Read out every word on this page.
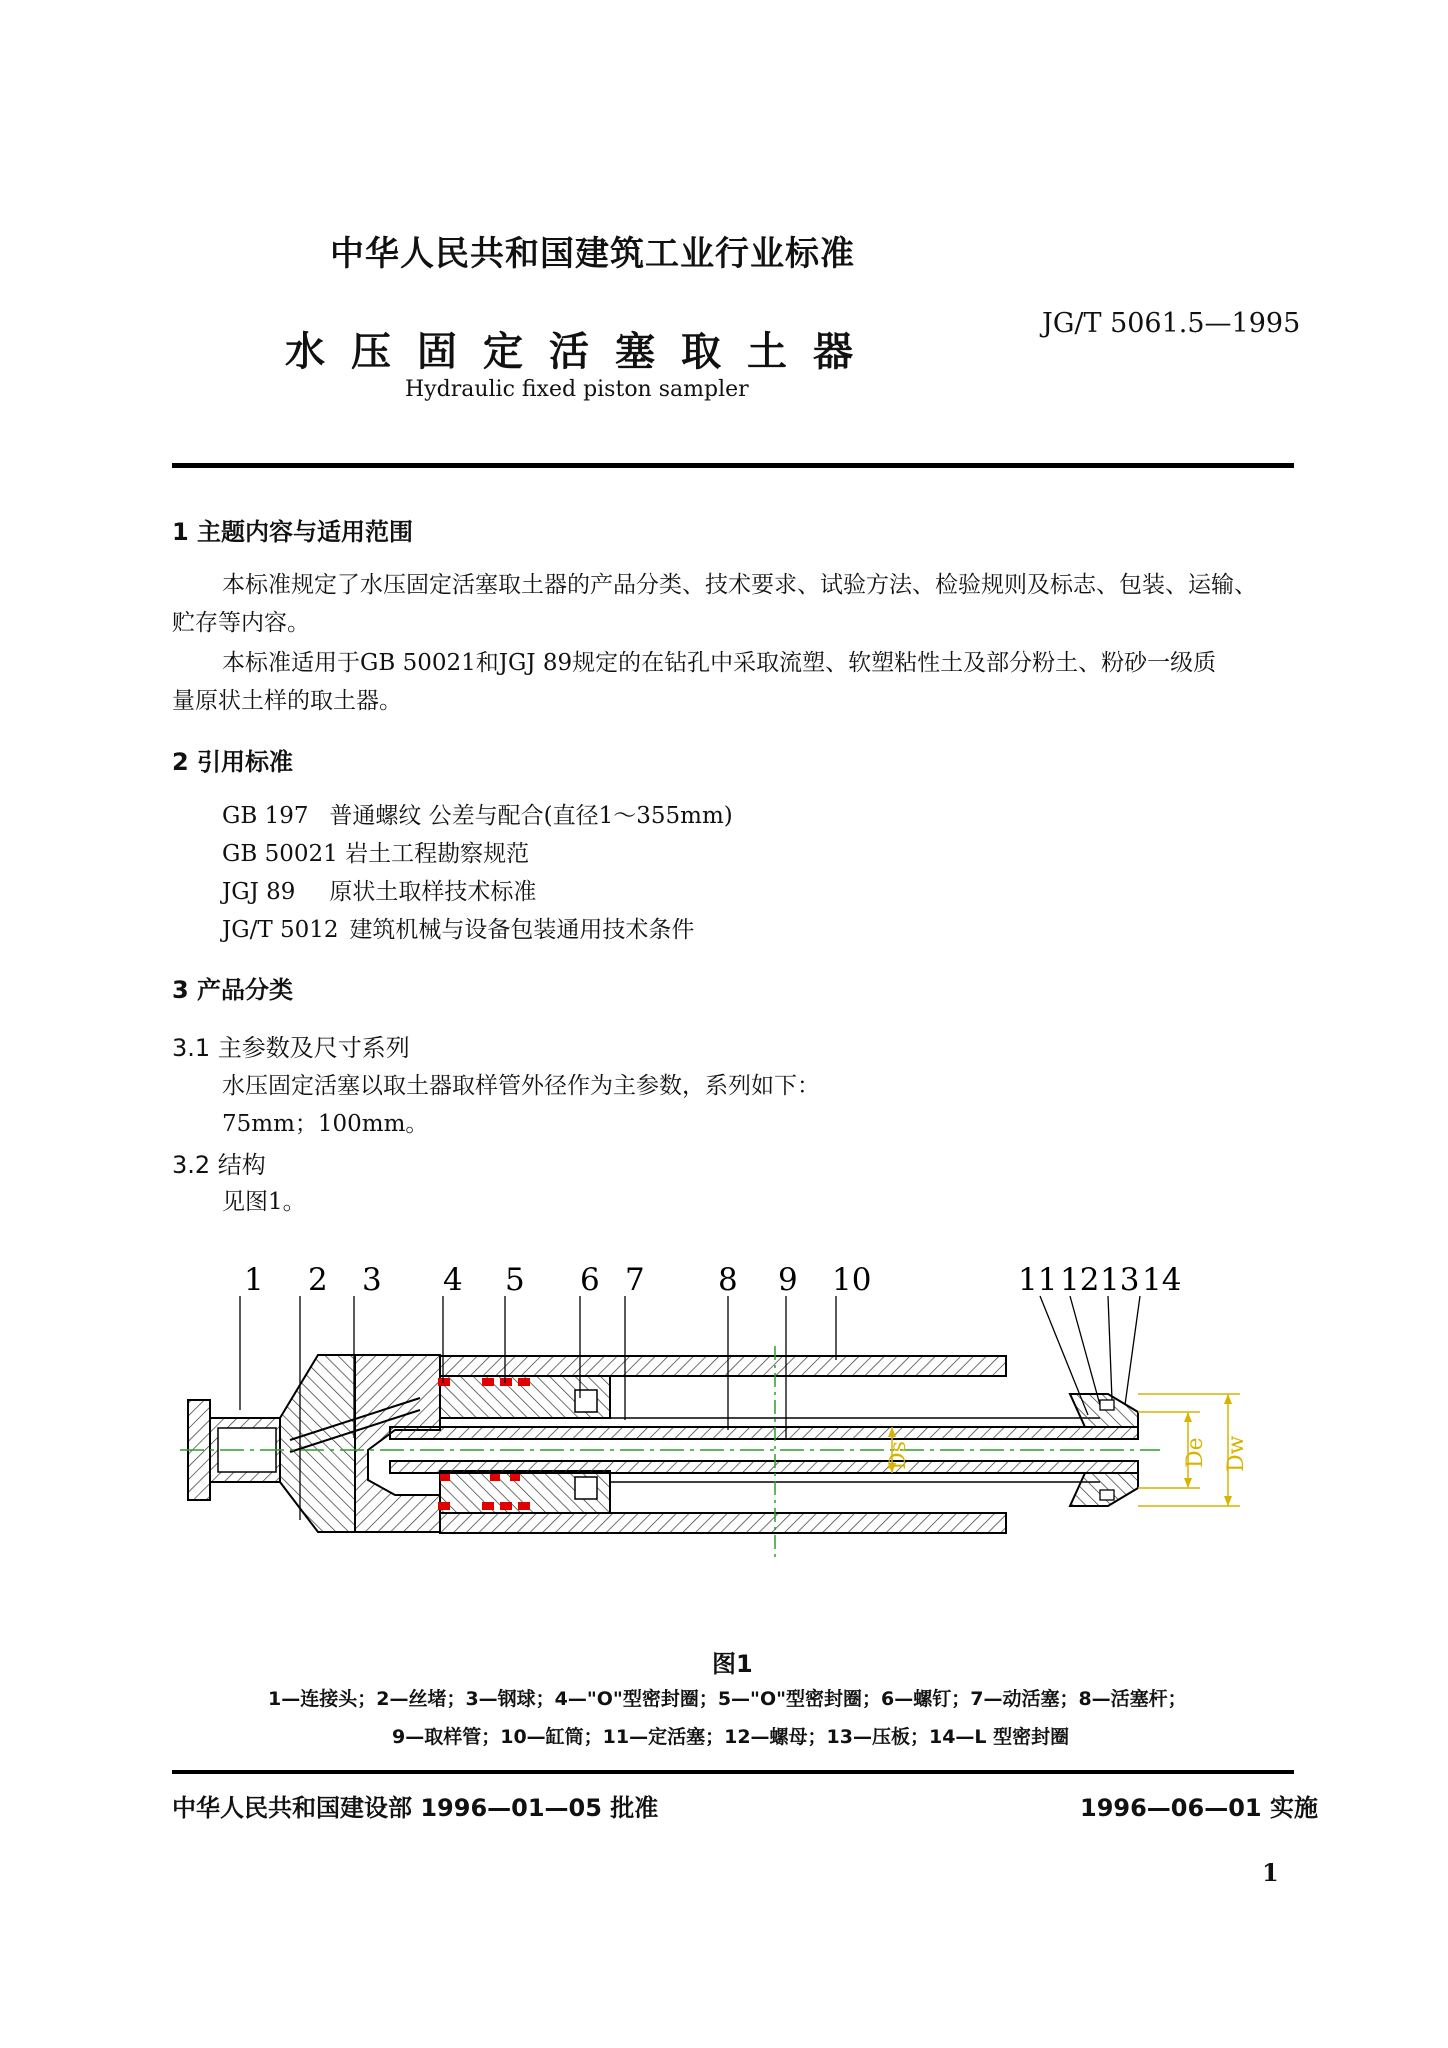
中华人民共和国建筑工业行业标准
JG/T 5061.5—1995
水压固定活塞取土器
Hydraulic fixed piston sampler
1 主题内容与适用范围
本标准规定了水压固定活塞取土器的产品分类、技术要求、试验方法、检验规则及标志、包装、运输、
贮存等内容。
本标准适用于GB 50021和JGJ 89规定的在钻孔中采取流塑、软塑粘性土及部分粉土、粉砂一级质
量原状土样的取土器。
2 引用标准
GB 197 普通螺纹 公差与配合(直径1～355mm)
GB 50021 岩土工程勘察规范
JGJ 89 原状土取样技术标准
JG/T 5012 建筑机械与设备包装通用技术条件
3 产品分类
3.1 主参数及尺寸系列
水压固定活塞以取土器取样管外径作为主参数，系列如下：
75mm；100mm。
3.2 结构
见图1。
Ds	De Dw
1 2 3 4 5 6 7 8 9 10	11 12 13 14
图1
1—连接头；2—丝堵；3—钢球；4—"O"型密封圈；5—"O"型密封圈；6—螺钉；7—动活塞；8—活塞杆；
9—取样管；10—缸筒；11—定活塞；12—螺母；13—压板；14—L 型密封圈
中华人民共和国建设部 1996—01—05 批准	1996—06—01 实施
1
